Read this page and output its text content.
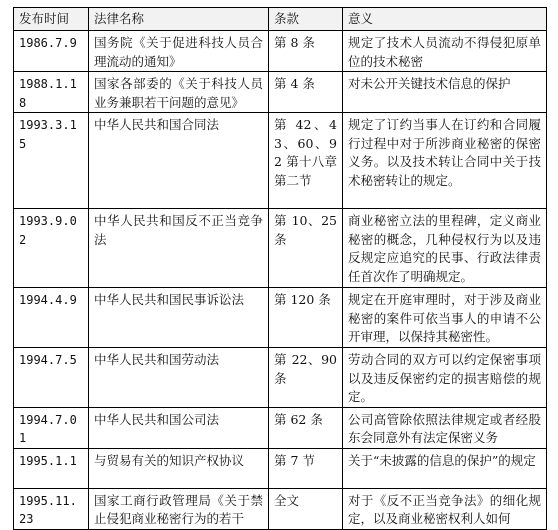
发布时间	法律名称	条款	意义
1986.7.9	国务院《关于促进科技人员合理流动的通知》	第 8 条	规定了技术人员流动不得侵犯原单位的技术秘密
1988.1.18	国家各部委的《关于科技人员业务兼职若干问题的意见》	第 4 条	对未公开关键技术信息的保护
1993.3.15	中华人民共和国合同法	第 42、43、60、92 第十八章第二节	规定了订约当事人在订约和合同履行过程中对于所涉商业秘密的保密义务。以及技术转让合同中关于技术秘密转让的规定。
1993.9.02	中华人民共和国反不正当竞争法	第 10、25 条	商业秘密立法的里程碑，定义商业秘密的概念，几种侵权行为以及违反规定应追究的民事、行政法律责任首次作了明确规定。
1994.4.9	中华人民共和国民事诉讼法	第 120 条	规定在开庭审理时，对于涉及商业秘密的案件可依当事人的申请不公开审理，以保持其秘密性。
1994.7.5	中华人民共和国劳动法	第 22、90 条	劳动合同的双方可以约定保密事项以及违反保密约定的损害赔偿的规定。
1994.7.01	中华人民共和国公司法	第 62 条	公司高管除依照法律规定或者经股东会同意外有法定保密义务
1995.1.1	与贸易有关的知识产权协议	第 7 节	关于“未披露的信息的保护”的规定
1995.11.23	国家工商行政管理局《关于禁止侵犯商业秘密行为的若干	全文	对于《反不正当竞争法》的细化规定，以及商业秘密权利人如何
